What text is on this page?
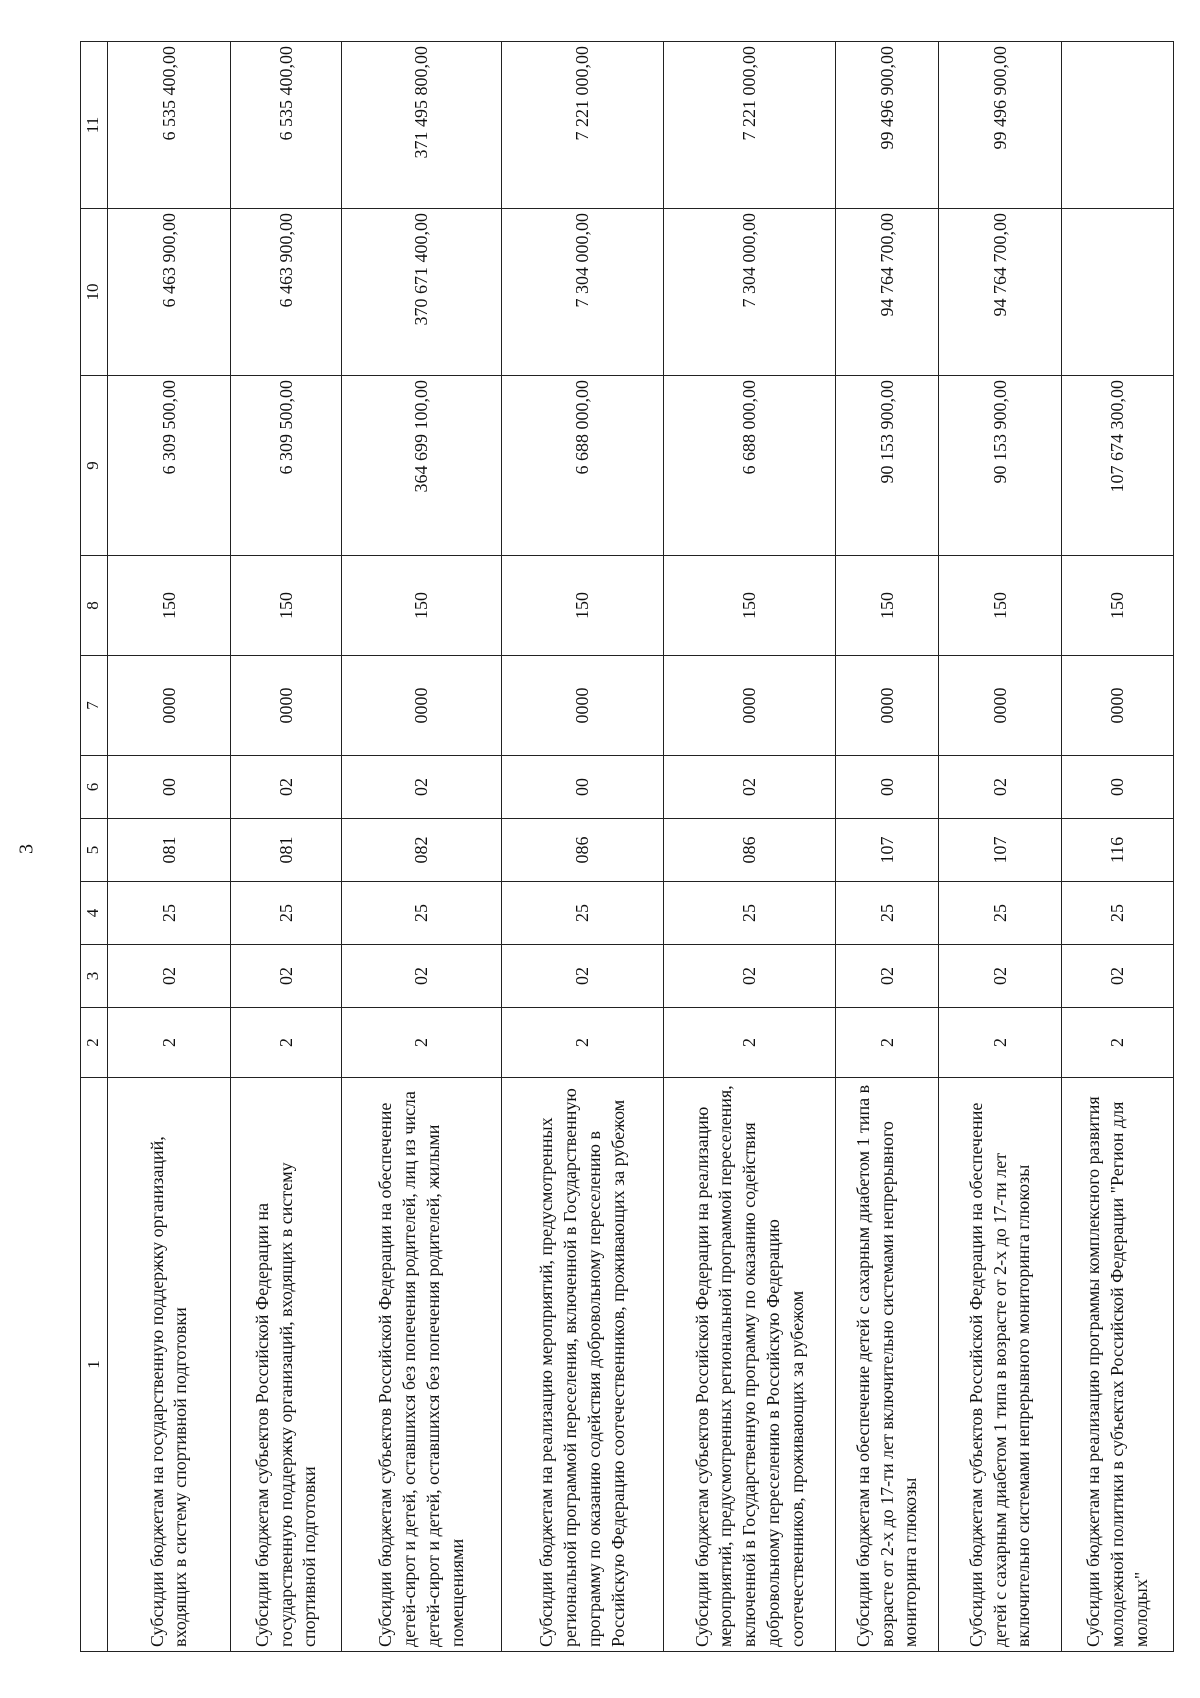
3
1	2	3	4	5	6	7	8	9	10	11
Субсидии бюджетам на государственную поддержку организаций, входящих в систему спортивной подготовки	2	02	25	081	00	0000	150	6 309 500,00	6 463 900,00	6 535 400,00
Субсидии бюджетам субъектов Российской Федерации на государственную поддержку организаций, входящих в систему спортивной подготовки	2	02	25	081	02	0000	150	6 309 500,00	6 463 900,00	6 535 400,00
Субсидии бюджетам субъектов Российской Федерации на обеспечение детей-сирот и детей, оставшихся без попечения родителей, лиц из числа детей-сирот и детей, оставшихся без попечения родителей, жилыми помещениями	2	02	25	082	02	0000	150	364 699 100,00	370 671 400,00	371 495 800,00
Субсидии бюджетам на реализацию мероприятий, предусмотренных региональной программой переселения, включенной в Государственную программу по оказанию содействия добровольному переселению в Российскую Федерацию соотечественников, проживающих за рубежом	2	02	25	086	00	0000	150	6 688 000,00	7 304 000,00	7 221 000,00
Субсидии бюджетам субъектов Российской Федерации на реализацию мероприятий, предусмотренных региональной программой переселения, включенной в Государственную программу по оказанию содействия добровольному переселению в Российскую Федерацию соотечественников, проживающих за рубежом	2	02	25	086	02	0000	150	6 688 000,00	7 304 000,00	7 221 000,00
Субсидии бюджетам на обеспечение детей с сахарным диабетом 1 типа в возрасте от 2-х до 17-ти лет включительно системами непрерывного мониторинга глюкозы	2	02	25	107	00	0000	150	90 153 900,00	94 764 700,00	99 496 900,00
Субсидии бюджетам субъектов Российской Федерации на обеспечение детей с сахарным диабетом 1 типа в возрасте от 2-х до 17-ти лет включительно системами непрерывного мониторинга глюкозы	2	02	25	107	02	0000	150	90 153 900,00	94 764 700,00	99 496 900,00
Субсидии бюджетам на реализацию программы комплексного развития молодежной политики в субъектах Российской Федерации "Регион для молодых"	2	02	25	116	00	0000	150	107 674 300,00		
